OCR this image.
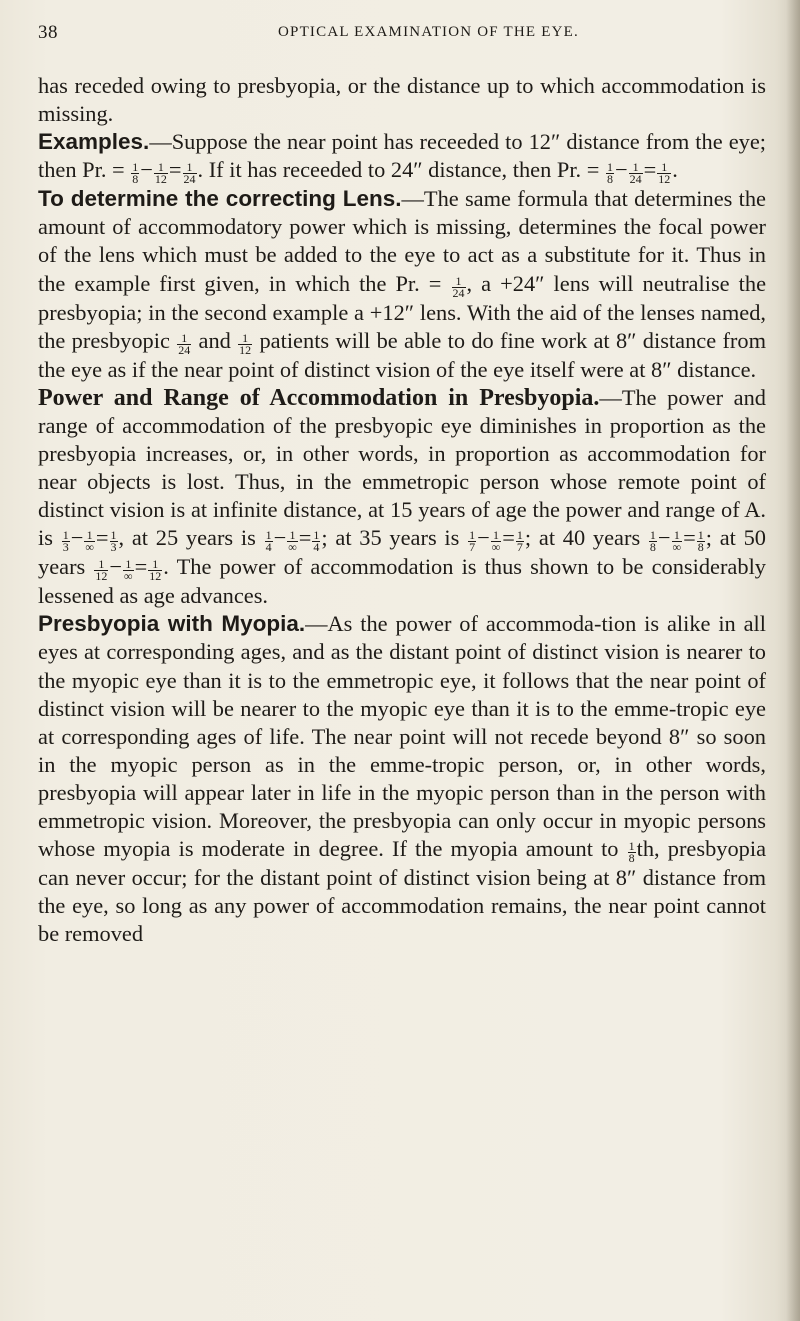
38	OPTICAL EXAMINATION OF THE EYE.

has receded owing to presbyopia, or the distance up to which accommodation is missing.

Examples.—Suppose the near point has receeded to 12″ distance from the eye; then Pr. = $\frac{1}{8} - \frac{1}{12} = \frac{1}{24}$ . If it has receeded to 24″ distance, then Pr. = $\frac{1}{8} - \frac{1}{24} = \frac{1}{12}$ .

To determine the correcting Lens.—The same formula that determines the amount of accommodatory power which is missing, determines the focal power of the lens which must be added to the eye to act as a substitute for it. Thus in the example first given, in which the Pr. = $\frac{1}{24}$ , a +24″ lens will neutralise the presbyopia; in the second example a +12″ lens. With the aid of the lenses named, the presbyopic $\frac{1}{24}$ and $\frac{1}{12}$ patients will be able to do fine work at 8″ distance from the eye as if the near point of distinct vision of the eye itself were at 8″ distance.

Power and Range of Accommodation in Presbyopia.—The power and range of accommodation of the presbyopic eye diminishes in proportion as the presbyopia increases, or, in other words, in proportion as accommodation for near objects is lost. Thus, in the emmetropic person whose remote point of distinct vision is at infinite distance, at 15 years of age the power and range of A. is $\frac{1}{3} - \frac{1}{\infty} = \frac{1}{3}$ , at 25 years is $\frac{1}{4} - \frac{1}{\infty} = \frac{1}{4}$ ; at 35 years is $\frac{1}{7} - \frac{1}{\infty} = \frac{1}{7}$ ; at 40 years $\frac{1}{8} - \frac{1}{\infty} = \frac{1}{8}$ ; at 50 years $\frac{1}{12} - \frac{1}{\infty} = \frac{1}{12}$ . The power of accommodation is thus shown to be considerably lessened as age advances.

Presbyopia with Myopia.—As the power of accommoda-tion is alike in all eyes at corresponding ages, and as the distant point of distinct vision is nearer to the myopic eye than it is to the emmetropic eye, it follows that the near point of distinct vision will be nearer to the myopic eye than it is to the emme-tropic eye at corresponding ages of life. The near point will not recede beyond 8″ so soon in the myopic person as in the emme-tropic person, or, in other words, presbyopia will appear later in life in the myopic person than in the person with emmetropic vision. Moreover, the presbyopia can only occur in myopic persons whose myopia is moderate in degree. If the myopia amount to $\frac{1}{8}$ th, presbyopia can never occur; for the distant point of distinct vision being at 8″ distance from the eye, so long as any power of accommodation remains, the near point cannot be removed
